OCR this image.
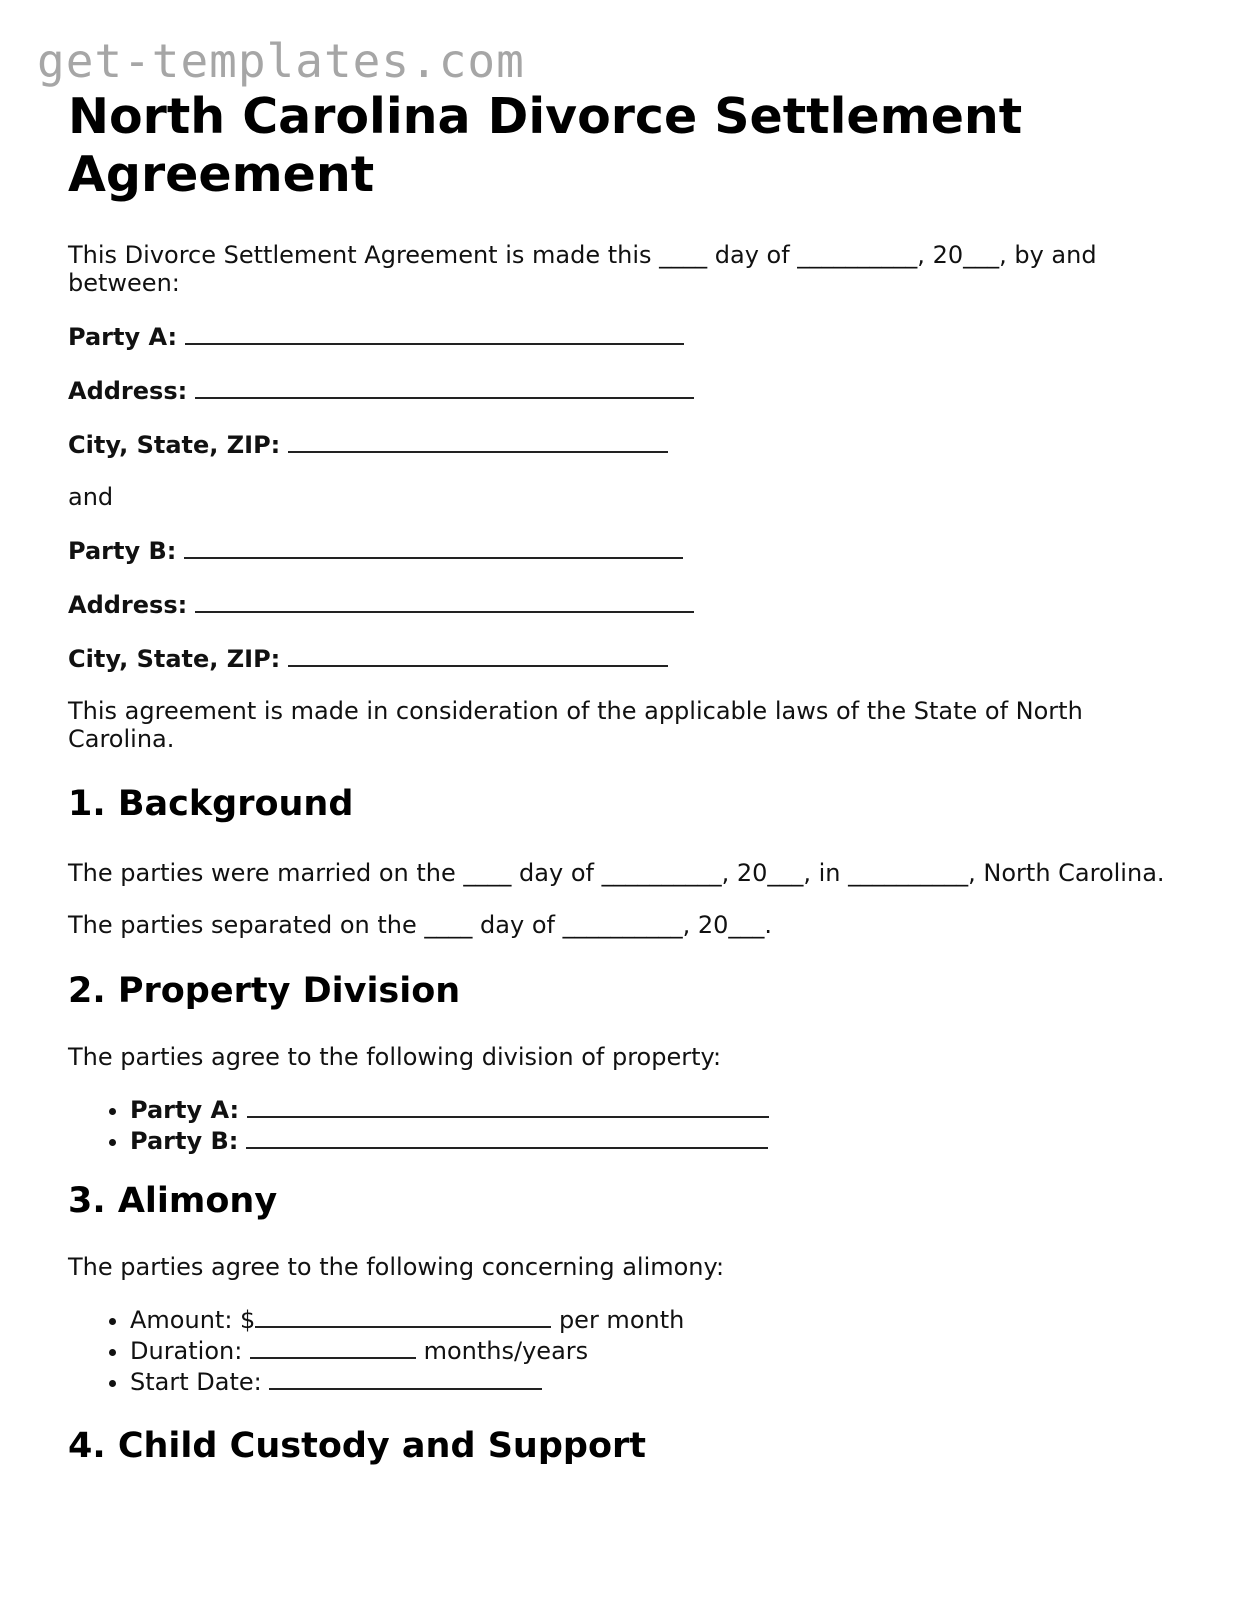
get-templates.com
North Carolina Divorce Settlement Agreement

This Divorce Settlement Agreement is made this ____ day of __________, 20___, by and between:

Party A:

Address:

City, State, ZIP:

and

Party B:

Address:

City, State, ZIP:

This agreement is made in consideration of the applicable laws of the State of North Carolina.

1. Background

The parties were married on the ____ day of __________, 20___, in __________, North Carolina.

The parties separated on the ____ day of __________, 20___.

2. Property Division

The parties agree to the following division of property:

• Party A:
• Party B:
3. Alimony

The parties agree to the following concerning alimony:

• Amount: $	per month
• Duration:	months/years
• Start Date:
4. Child Custody and Support
